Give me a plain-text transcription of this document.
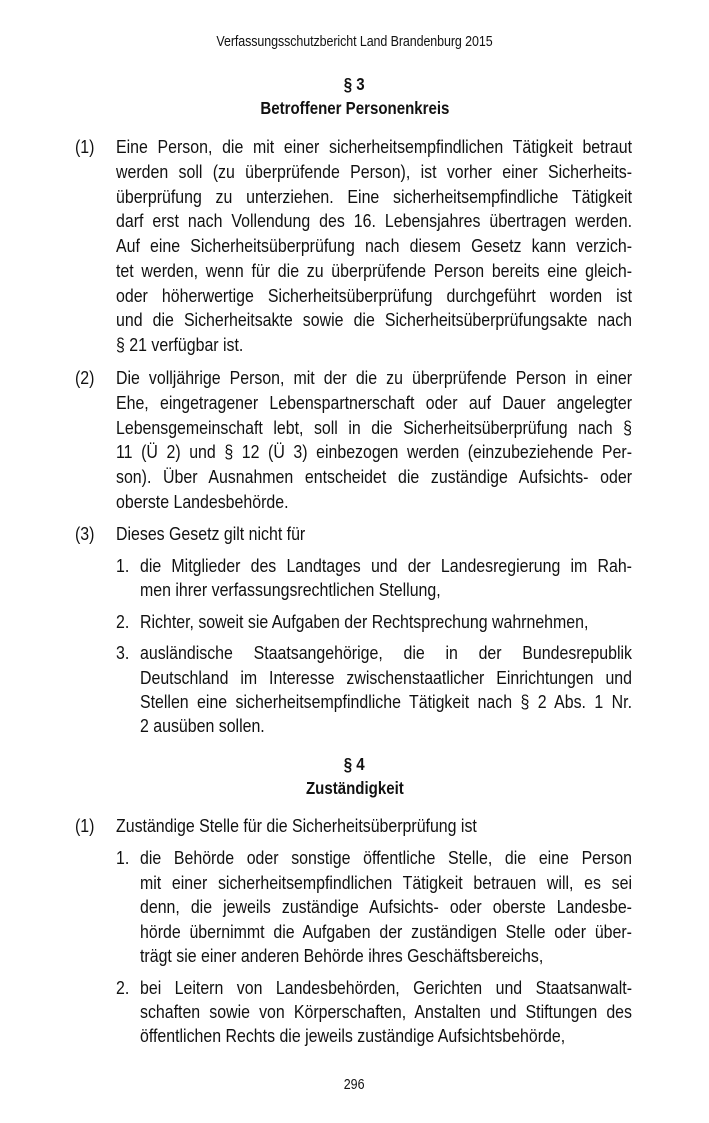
Verfassungsschutzbericht Land Brandenburg 2015
§ 3
Betroffener Personenkreis
(1) Eine Person, die mit einer sicherheitsempfindlichen Tätigkeit betraut
werden soll (zu überprüfende Person), ist vorher einer Sicherheits-
überprüfung zu unterziehen. Eine sicherheitsempfindliche Tätigkeit
darf erst nach Vollendung des 16. Lebensjahres übertragen werden.
Auf eine Sicherheitsüberprüfung nach diesem Gesetz kann verzich-
tet werden, wenn für die zu überprüfende Person bereits eine gleich-
oder höherwertige Sicherheitsüberprüfung durchgeführt worden ist
und die Sicherheitsakte sowie die Sicherheitsüberprüfungsakte nach
§ 21 verfügbar ist.
(2) Die volljährige Person, mit der die zu überprüfende Person in einer
Ehe, eingetragener Lebenspartnerschaft oder auf Dauer angelegter
Lebensgemeinschaft lebt, soll in die Sicherheitsüberprüfung nach §
11 (Ü 2) und § 12 (Ü 3) einbezogen werden (einzubeziehende Per-
son). Über Ausnahmen entscheidet die zuständige Aufsichts- oder
oberste Landesbehörde.
(3) Dieses Gesetz gilt nicht für
1. die Mitglieder des Landtages und der Landesregierung im Rah-
men ihrer verfassungsrechtlichen Stellung,
2. Richter, soweit sie Aufgaben der Rechtsprechung wahrnehmen,
3. ausländische Staatsangehörige, die in der Bundesrepublik
Deutschland im Interesse zwischenstaatlicher Einrichtungen und
Stellen eine sicherheitsempfindliche Tätigkeit nach § 2 Abs. 1 Nr.
2 ausüben sollen.
§ 4
Zuständigkeit
(1) Zuständige Stelle für die Sicherheitsüberprüfung ist
1. die Behörde oder sonstige öffentliche Stelle, die eine Person
mit einer sicherheitsempfindlichen Tätigkeit betrauen will, es sei
denn, die jeweils zuständige Aufsichts- oder oberste Landesbe-
hörde übernimmt die Aufgaben der zuständigen Stelle oder über-
trägt sie einer anderen Behörde ihres Geschäftsbereichs,
2. bei Leitern von Landesbehörden, Gerichten und Staatsanwalt-
schaften sowie von Körperschaften, Anstalten und Stiftungen des
öffentlichen Rechts die jeweils zuständige Aufsichtsbehörde,
296
